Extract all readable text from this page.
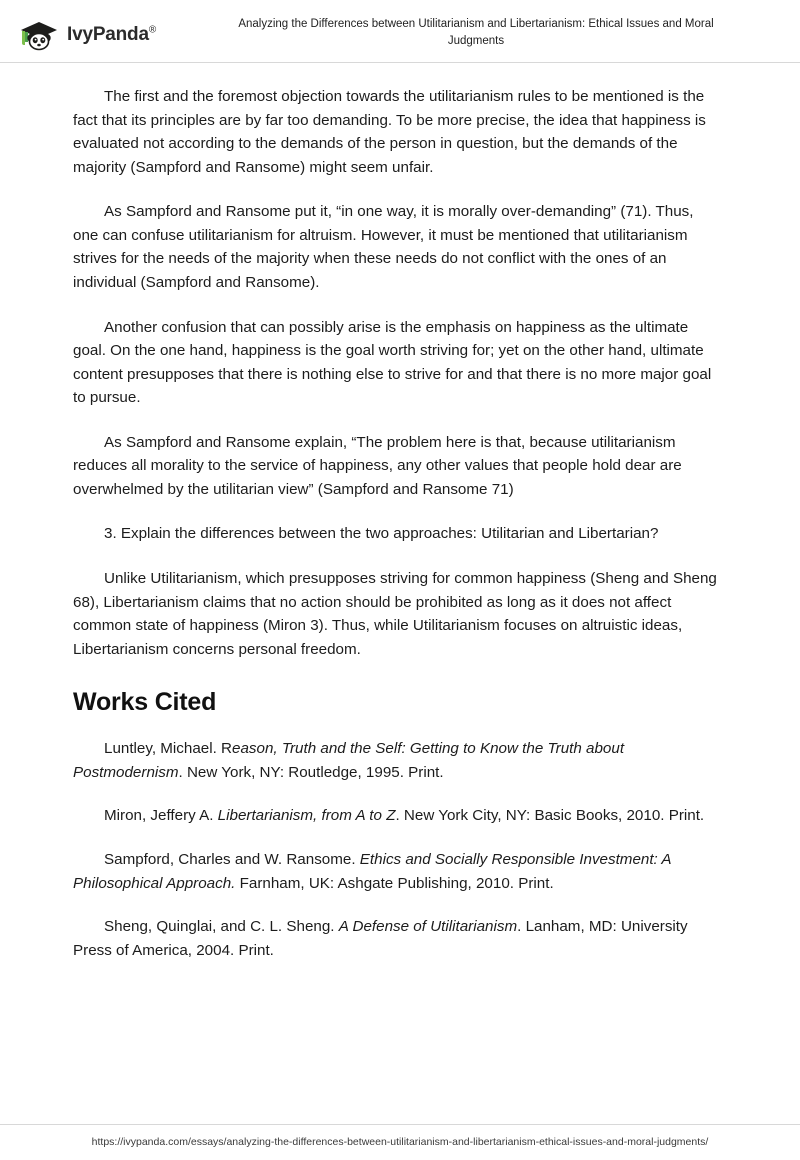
IvyPanda®
Analyzing the Differences between Utilitarianism and Libertarianism: Ethical Issues and Moral Judgments

The first and the foremost objection towards the utilitarianism rules to be mentioned is the fact that its principles are by far too demanding. To be more precise, the idea that happiness is evaluated not according to the demands of the person in question, but the demands of the majority (Sampford and Ransome) might seem unfair.

As Sampford and Ransome put it, “in one way, it is morally over-demanding” (71). Thus, one can confuse utilitarianism for altruism. However, it must be mentioned that utilitarianism strives for the needs of the majority when these needs do not conflict with the ones of an individual (Sampford and Ransome).

Another confusion that can possibly arise is the emphasis on happiness as the ultimate goal. On the one hand, happiness is the goal worth striving for; yet on the other hand, ultimate content presupposes that there is nothing else to strive for and that there is no more major goal to pursue.

As Sampford and Ransome explain, “The problem here is that, because utilitarianism reduces all morality to the service of happiness, any other values that people hold dear are overwhelmed by the utilitarian view” (Sampford and Ransome 71)

3. Explain the differences between the two approaches: Utilitarian and Libertarian?

Unlike Utilitarianism, which presupposes striving for common happiness (Sheng and Sheng 68), Libertarianism claims that no action should be prohibited as long as it does not affect common state of happiness (Miron 3). Thus, while Utilitarianism focuses on altruistic ideas, Libertarianism concerns personal freedom.

Works Cited

Luntley, Michael. Reason, Truth and the Self: Getting to Know the Truth about Postmodernism. New York, NY: Routledge, 1995. Print.

Miron, Jeffery A. Libertarianism, from A to Z. New York City, NY: Basic Books, 2010. Print.

Sampford, Charles and W. Ransome. Ethics and Socially Responsible Investment: A Philosophical Approach. Farnham, UK: Ashgate Publishing, 2010. Print.

Sheng, Quinglai, and C. L. Sheng. A Defense of Utilitarianism. Lanham, MD: University Press of America, 2004. Print.

https://ivypanda.com/essays/analyzing-the-differences-between-utilitarianism-and-libertarianism-ethical-issues-and-moral-judgments/
